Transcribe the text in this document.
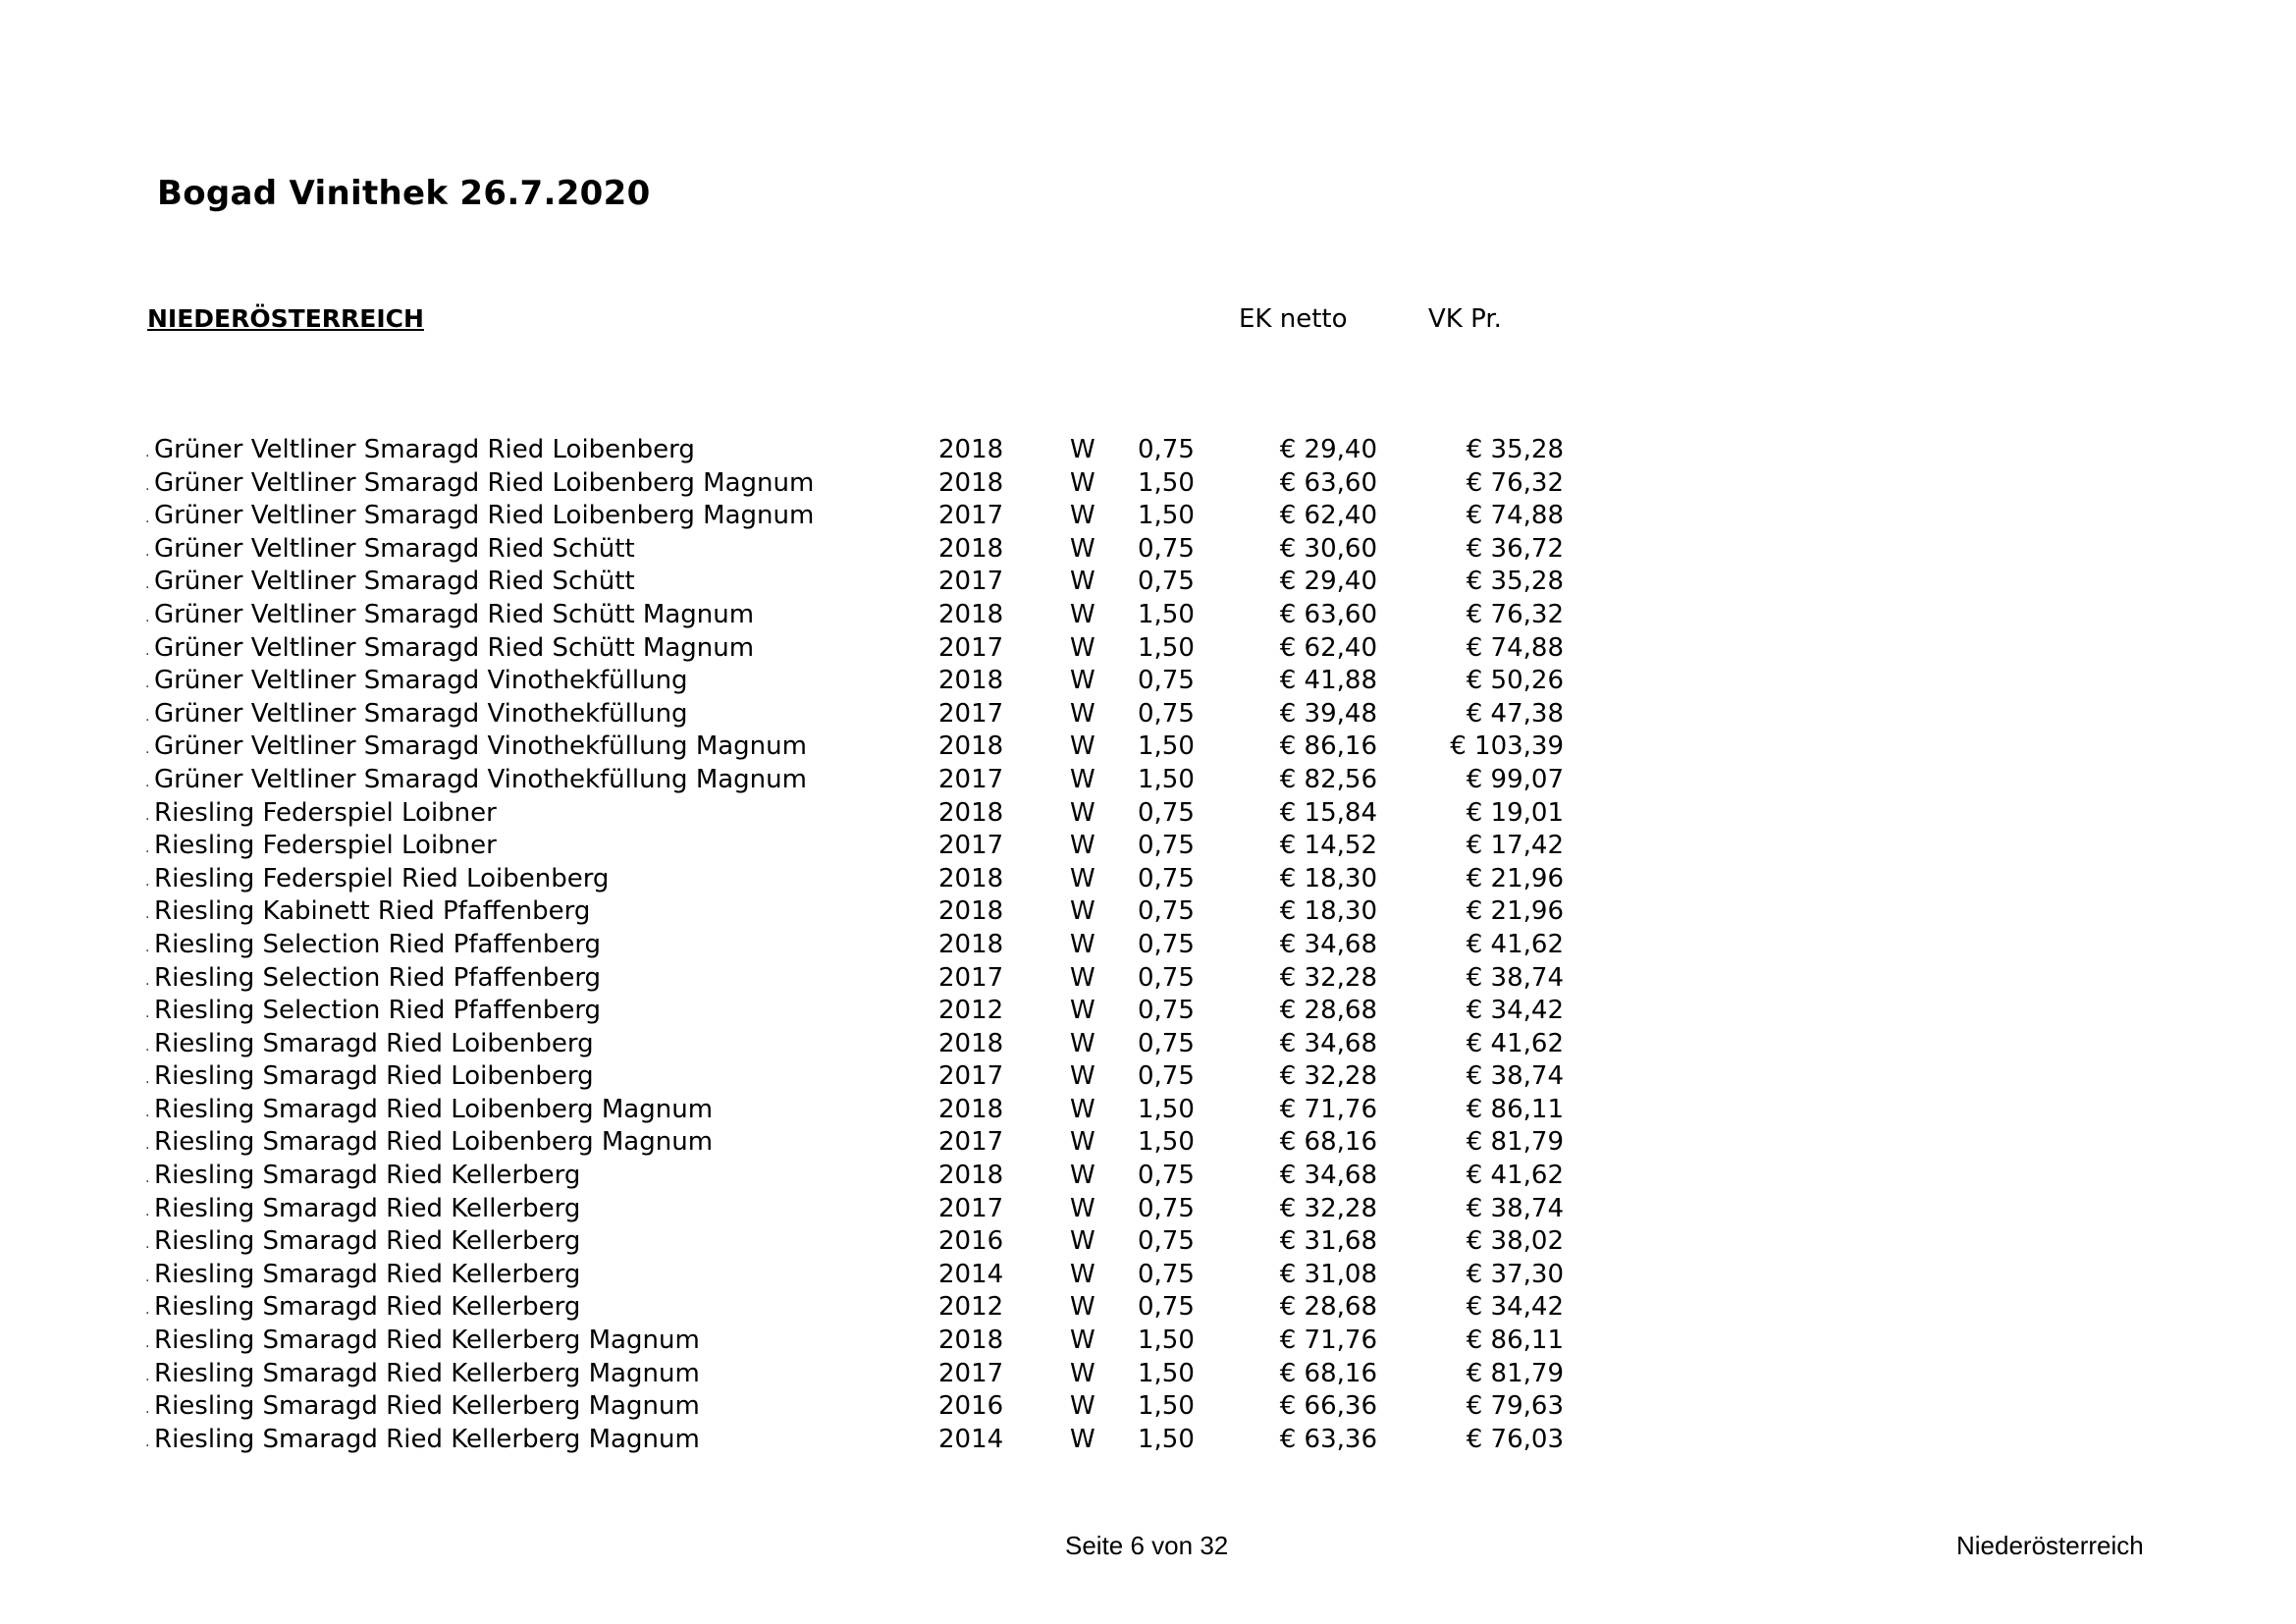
Bogad Vinithek 26.7.2020
NIEDERÖSTERREICH	EK netto	VK Pr.
. Grüner Veltliner Smaragd Ried Loibenberg	2018	W 0,75	€ 29,40	€ 35,28
. Grüner Veltliner Smaragd Ried Loibenberg Magnum	2018	W 1,50	€ 63,60	€ 76,32
. Grüner Veltliner Smaragd Ried Loibenberg Magnum	2017	W 1,50	€ 62,40	€ 74,88
. Grüner Veltliner Smaragd Ried Schütt	2018	W 0,75	€ 30,60	€ 36,72
. Grüner Veltliner Smaragd Ried Schütt	2017	W 0,75	€ 29,40	€ 35,28
. Grüner Veltliner Smaragd Ried Schütt Magnum	2018	W 1,50	€ 63,60	€ 76,32
. Grüner Veltliner Smaragd Ried Schütt Magnum	2017	W 1,50	€ 62,40	€ 74,88
. Grüner Veltliner Smaragd Vinothekfüllung	2018	W 0,75	€ 41,88	€ 50,26
. Grüner Veltliner Smaragd Vinothekfüllung	2017	W 0,75	€ 39,48	€ 47,38
. Grüner Veltliner Smaragd Vinothekfüllung Magnum	2018	W 1,50	€ 86,16	€ 103,39
. Grüner Veltliner Smaragd Vinothekfüllung Magnum	2017	W 1,50	€ 82,56	€ 99,07
. Riesling Federspiel Loibner	2018	W 0,75	€ 15,84	€ 19,01
. Riesling Federspiel Loibner	2017	W 0,75	€ 14,52	€ 17,42
. Riesling Federspiel Ried Loibenberg	2018	W 0,75	€ 18,30	€ 21,96
. Riesling Kabinett Ried Pfaffenberg	2018	W 0,75	€ 18,30	€ 21,96
. Riesling Selection Ried Pfaffenberg	2018	W 0,75	€ 34,68	€ 41,62
. Riesling Selection Ried Pfaffenberg	2017	W 0,75	€ 32,28	€ 38,74
. Riesling Selection Ried Pfaffenberg	2012	W 0,75	€ 28,68	€ 34,42
. Riesling Smaragd Ried Loibenberg	2018	W 0,75	€ 34,68	€ 41,62
. Riesling Smaragd Ried Loibenberg	2017	W 0,75	€ 32,28	€ 38,74
. Riesling Smaragd Ried Loibenberg Magnum	2018	W 1,50	€ 71,76	€ 86,11
. Riesling Smaragd Ried Loibenberg Magnum	2017	W 1,50	€ 68,16	€ 81,79
. Riesling Smaragd Ried Kellerberg	2018	W 0,75	€ 34,68	€ 41,62
. Riesling Smaragd Ried Kellerberg	2017	W 0,75	€ 32,28	€ 38,74
. Riesling Smaragd Ried Kellerberg	2016	W 0,75	€ 31,68	€ 38,02
. Riesling Smaragd Ried Kellerberg	2014	W 0,75	€ 31,08	€ 37,30
. Riesling Smaragd Ried Kellerberg	2012	W 0,75	€ 28,68	€ 34,42
. Riesling Smaragd Ried Kellerberg Magnum	2018	W 1,50	€ 71,76	€ 86,11
. Riesling Smaragd Ried Kellerberg Magnum	2017	W 1,50	€ 68,16	€ 81,79
. Riesling Smaragd Ried Kellerberg Magnum	2016	W 1,50	€ 66,36	€ 79,63
. Riesling Smaragd Ried Kellerberg Magnum	2014	W 1,50	€ 63,36	€ 76,03
Seite 6 von 32	Niederösterreich
